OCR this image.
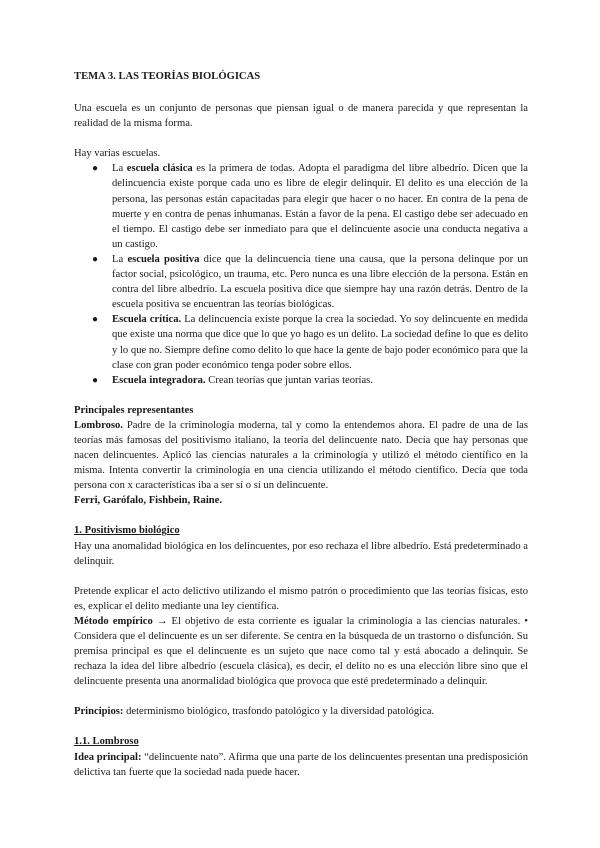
TEMA 3. LAS TEORÍAS BIOLÓGICAS

Una escuela es un conjunto de personas que piensan igual o de manera parecida y que representan la realidad de la misma forma.

Hay varias escuelas.

● La escuela clásica es la primera de todas. Adopta el paradigma del libre albedrío. Dicen que la delincuencia existe porque cada uno es libre de elegir delinquir. El delito es una elección de la persona, las personas están capacitadas para elegir que hacer o no hacer. En contra de la pena de muerte y en contra de penas inhumanas. Están a favor de la pena. El castigo debe ser adecuado en el tiempo. El castigo debe ser inmediato para que el delincuente asocie una conducta negativa a un castigo.
● La escuela positiva dice que la delincuencia tiene una causa, que la persona delinque por un factor social, psicológico, un trauma, etc. Pero nunca es una libre elección de la persona. Están en contra del libre albedrío. La escuela positiva dice que siempre hay una razón detrás. Dentro de la escuela positiva se encuentran las teorías biológicas.
● Escuela crítica. La delincuencia existe porque la crea la sociedad. Yo soy delincuente en medida que existe una norma que dice que lo que yo hago es un delito. La sociedad define lo que es delito y lo que no. Siempre define como delito lo que hace la gente de bajo poder económico para que la clase con gran poder económico tenga poder sobre ellos.
● Escuela integradora. Crean teorías que juntan varias teorías.

Principales representantes

Lombroso. Padre de la criminología moderna, tal y como la entendemos ahora. El padre de una de las teorías más famosas del positivismo italiano, la teoría del delincuente nato. Decía que hay personas que nacen delincuentes. Aplicó las ciencias naturales a la criminología y utilizó el método científico en la misma. Intenta convertir la criminología en una ciencia utilizando el método científico. Decía que toda persona con x características iba a ser sí o sí un delincuente.

Ferri, Garófalo, Fishbein, Raine.

1. Positivismo biológico

Hay una anomalidad biológica en los delincuentes, por eso rechaza el libre albedrío. Está predeterminado a delinquir.

Pretende explicar el acto delictivo utilizando el mismo patrón o procedimiento que las teorías físicas, esto es, explicar el delito mediante una ley científica.

Método empírico → El objetivo de esta corriente es igualar la criminología a las ciencias naturales. • Considera que el delincuente es un ser diferente. Se centra en la búsqueda de un trastorno o disfunción. Su premisa principal es que el delincuente es un sujeto que nace como tal y está abocado a delinquir. Se rechaza la idea del libre albedrío (escuela clásica), es decir, el delito no es una elección libre sino que el delincuente presenta una anormalidad biológica que provoca que esté predeterminado a delinquir.

Principios: determinismo biológico, trasfondo patológico y la diversidad patológica.

1.1. Lombroso

Idea principal: “delincuente nato”. Afirma que una parte de los delincuentes presentan una predisposición delictiva tan fuerte que la sociedad nada puede hacer.
